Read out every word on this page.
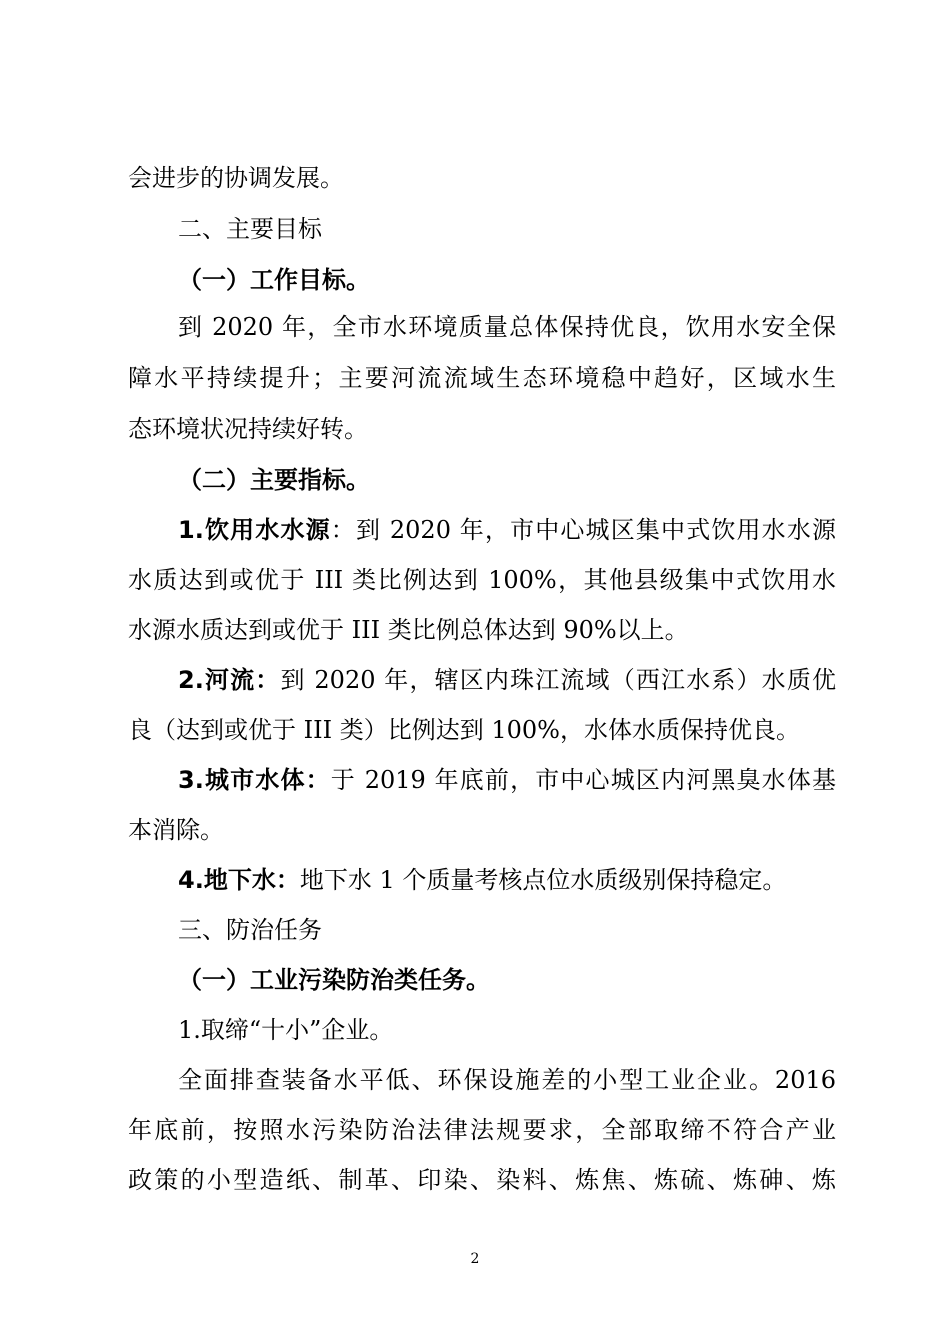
会进步的协调发展。
二、主要目标
（一）工作目标。
到 2020 年，全市水环境质量总体保持优良，饮用水安全保
障水平持续提升；主要河流流域生态环境稳中趋好，区域水生
态环境状况持续好转。
（二）主要指标。
1.饮用水水源：到 2020 年，市中心城区集中式饮用水水源
水质达到或优于 III 类比例达到 100%，其他县级集中式饮用水
水源水质达到或优于 III 类比例总体达到 90%以上。
2.河流：到 2020 年，辖区内珠江流域（西江水系）水质优
良（达到或优于 III 类）比例达到 100%，水体水质保持优良。
3.城市水体：于 2019 年底前，市中心城区内河黑臭水体基
本消除。
4.地下水：地下水 1 个质量考核点位水质级别保持稳定。
三、防治任务
（一）工业污染防治类任务。
1.取缔“十小”企业。
全面排查装备水平低、环保设施差的小型工业企业。2016
年底前，按照水污染防治法律法规要求，全部取缔不符合产业
政策的小型造纸、制革、印染、染料、炼焦、炼硫、炼砷、炼
2
